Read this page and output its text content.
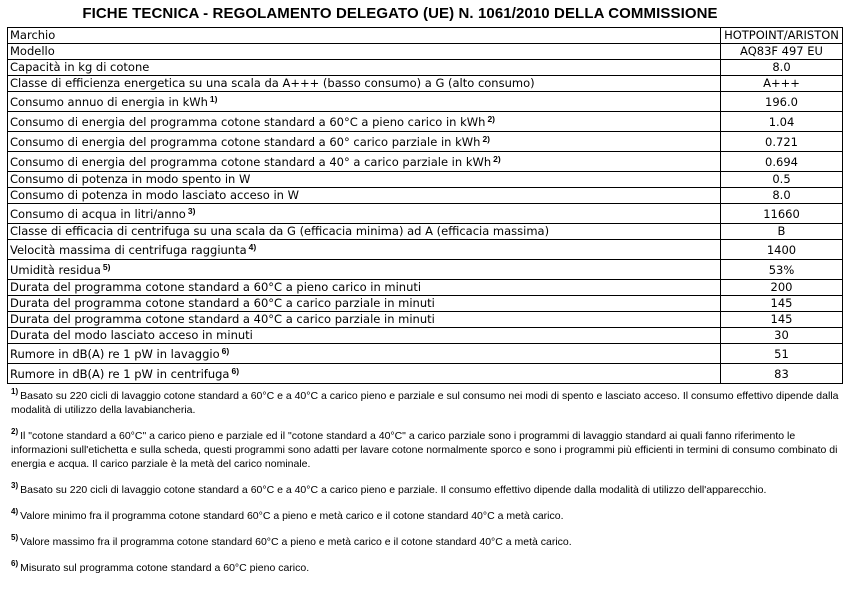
FICHE TECNICA - REGOLAMENTO DELEGATO (UE) N. 1061/2010 DELLA COMMISSIONE
Marchio	HOTPOINT/ARISTON
Modello	AQ83F 497 EU
Capacità in kg di cotone	8.0
Classe di efficienza energetica su una scala da A+++ (basso consumo) a G (alto consumo)	A+++
Consumo annuo di energia in kWh $^{1)}$	196.0
Consumo di energia del programma cotone standard a 60°C a pieno carico in kWh $^{2)}$	1.04
Consumo di energia del programma cotone standard a 60° carico parziale in kWh $^{2)}$	0.721
Consumo di energia del programma cotone standard a 40° a carico parziale in kWh $^{2)}$	0.694
Consumo di potenza in modo spento in W	0.5
Consumo di potenza in modo lasciato acceso in W	8.0
Consumo di acqua in litri/anno $^{3)}$	11660
Classe di efficacia di centrifuga su una scala da G (efficacia minima) ad A (efficacia massima)	B
Velocità massima di centrifuga raggiunta $^{4)}$	1400
Umidità residua $^{5)}$	53%
Durata del programma cotone standard a 60°C a pieno carico in minuti	200
Durata del programma cotone standard a 60°C a carico parziale in minuti	145
Durata del programma cotone standard a 40°C a carico parziale in minuti	145
Durata del modo lasciato acceso in minuti	30
Rumore in dB(A) re 1 pW in lavaggio $^{6)}$	51
Rumore in dB(A) re 1 pW in centrifuga $^{6)}$	83
$^{1)}$ Basato su 220 cicli di lavaggio cotone standard a 60°C e a 40°C a carico pieno e parziale e sul consumo nei modi di spento e lasciato acceso. Il consumo effettivo dipende dalla modalità di utilizzo della lavabiancheria.
$^{2)}$ Il "cotone standard a 60°C" a carico pieno e parziale ed il "cotone standard a 40°C" a carico parziale sono i programmi di lavaggio standard ai quali fanno riferimento le informazioni sull'etichetta e sulla scheda, questi programmi sono adatti per lavare cotone normalmente sporco e sono i programmi più efficienti in termini di consumo combinato di energia e acqua. Il carico parziale è la metà del carico nominale.
$^{3)}$ Basato su 220 cicli di lavaggio cotone standard a 60°C e a 40°C a carico pieno e parziale. Il consumo effettivo dipende dalla modalità di utilizzo dell'apparecchio.
$^{4)}$ Valore minimo fra il programma cotone standard 60°C a pieno e metà carico e il cotone standard 40°C a metà carico.
$^{5)}$ Valore massimo fra il programma cotone standard 60°C a pieno e metà carico e il cotone standard 40°C a metà carico.
$^{6)}$ Misurato sul programma cotone standard a 60°C pieno carico.
